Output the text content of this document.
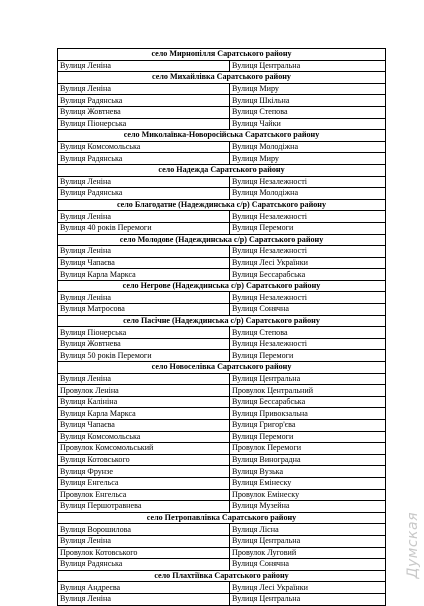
село Мирнопілля Саратського району	
Вулиця Леніна	Вулиця Центральна
село Михайлівка Саратського району	
Вулиця Леніна	Вулиця Миру
Вулиця Радянська	Вулиця Шкільна
Вулиця Жовтнева	Вулиця Степова
Вулиця Піонерська	Вулиця Чайки
село Миколаївка-Новоросійська Саратського району	
Вулиця Комсомольська	Вулиця Молодіжна
Вулиця Радянська	Вулиця Миру
село Надежда Саратського району	
Вулиця Леніна	Вулиця Незалежності
Вулиця Радянська	Вулиця Молодіжна
село Благодатне (Надеждинська с/р) Саратського району	
Вулиця Леніна	Вулиця Незалежності
Вулиця 40 років Перемоги	Вулиця Перемоги
село Молодове (Надеждинська с/р) Саратського району	
Вулиця Леніна	Вулиця Незалежності
Вулиця Чапаєва	Вулиця Лесі Українки
Вулиця Карла Маркса	Вулиця Бессарабська
село Негрове (Надеждинська с/р) Саратського району	
Вулиця Леніна	Вулиця Незалежності
Вулиця Матросова	Вулиця Сонячна
село Пасічне (Надеждинська с/р) Саратського району	
Вулиця Піонерська	Вулиця Степова
Вулиця Жовтнева	Вулиця Незалежності
Вулиця 50 років Перемоги	Вулиця Перемоги
село Новоселівка Саратського району	
Вулиця Леніна	Вулиця Центральна
Провулок Леніна	Провулок Центральний
Вулиця Калініна	Вулиця Бессарабська
Вулиця Карла Маркса	Вулиця Привокзальна
Вулиця Чапаєва	Вулиця Григор'єва
Вулиця Комсомольська	Вулиця Перемоги
Провулок Комсомольський	Провулок Перемоги
Вулиця Котовського	Вулиця Виноградна
Вулиця Фрунзе	Вулиця Вузька
Вулиця Енгельса	Вулиця Емінеску
Провулок Енгельса	Провулок Емінеску
Вулиця Першотравнева	Вулиця Музейна
село Петропавлівка Саратського району	
Вулиця Ворошилова	Вулиця Лісна
Вулиця Леніна	Вулиця Центральна
Провулок Котовського	Провулок Луговий
Вулиця Радянська	Вулиця Сонячна
село Плахтіївка Саратського району	
Вулиця Андреєва	Вулиця Лесі Українки
Вулиця Леніна	Вулиця Центральна
Думская
